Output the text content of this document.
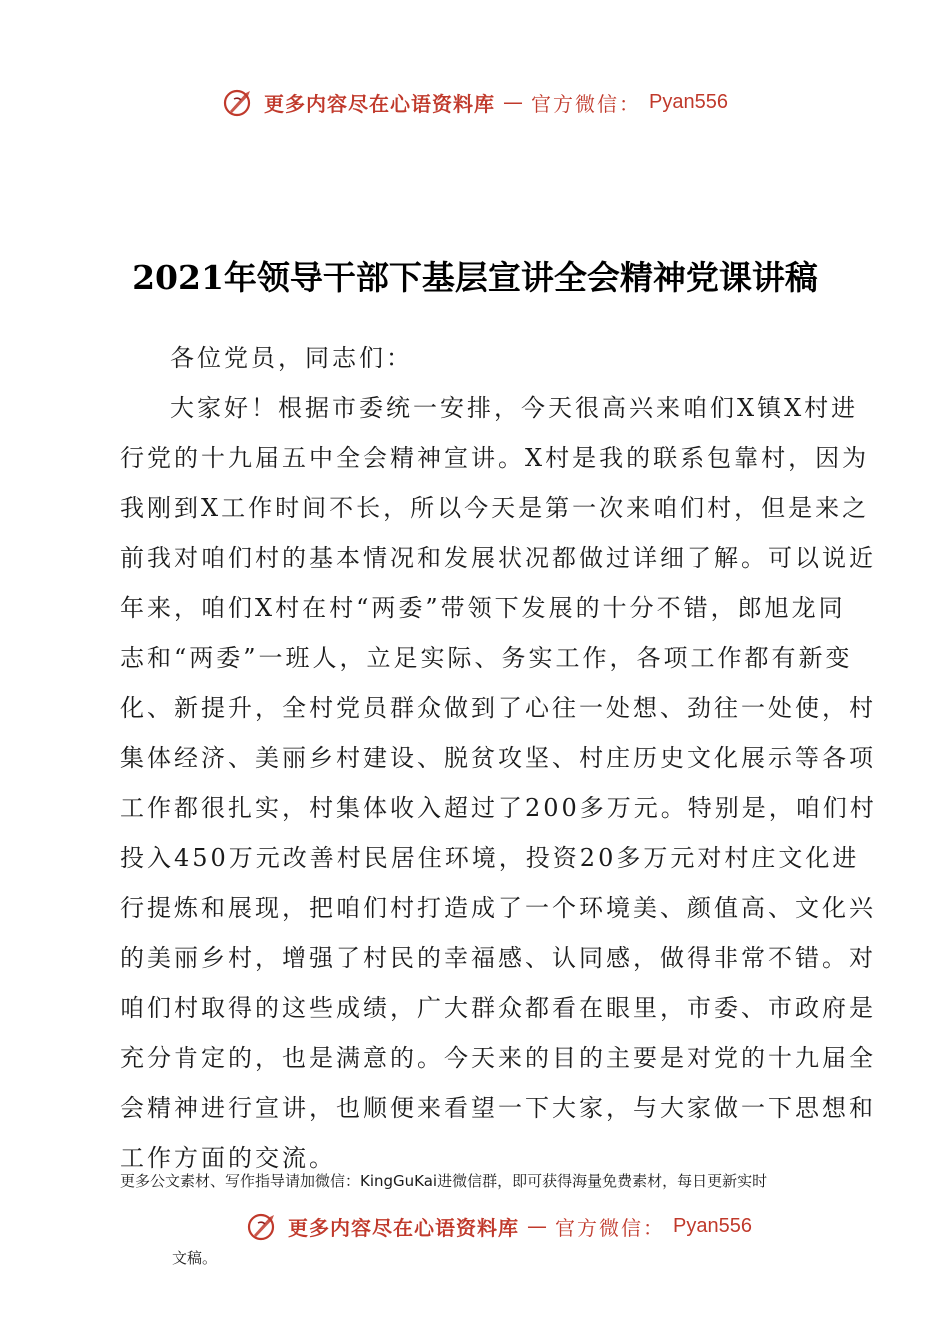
更多内容尽在心语资料库 — 官方微信： Pyan556
2021年领导干部下基层宣讲全会精神党课讲稿
各位党员，同志们：
大家好！根据市委统一安排，今天很高兴来咱们X镇X村进
行党的十九届五中全会精神宣讲。X村是我的联系包靠村，因为
我刚到X工作时间不长，所以今天是第一次来咱们村，但是来之
前我对咱们村的基本情况和发展状况都做过详细了解。可以说近
年来，咱们X村在村“两委”带领下发展的十分不错，郎旭龙同
志和“两委”一班人，立足实际、务实工作，各项工作都有新变
化、新提升，全村党员群众做到了心往一处想、劲往一处使，村
集体经济、美丽乡村建设、脱贫攻坚、村庄历史文化展示等各项
工作都很扎实，村集体收入超过了200多万元。特别是，咱们村
投入450万元改善村民居住环境，投资20多万元对村庄文化进
行提炼和展现，把咱们村打造成了一个环境美、颜值高、文化兴
的美丽乡村，增强了村民的幸福感、认同感，做得非常不错。对
咱们村取得的这些成绩，广大群众都看在眼里，市委、市政府是
充分肯定的，也是满意的。今天来的目的主要是对党的十九届全
会精神进行宣讲，也顺便来看望一下大家，与大家做一下思想和
工作方面的交流。
更多公文素材、写作指导请加微信：KingGuKai进微信群，即可获得海量免费素材，每日更新实时
更多内容尽在心语资料库 — 官方微信： Pyan556
文稿。
